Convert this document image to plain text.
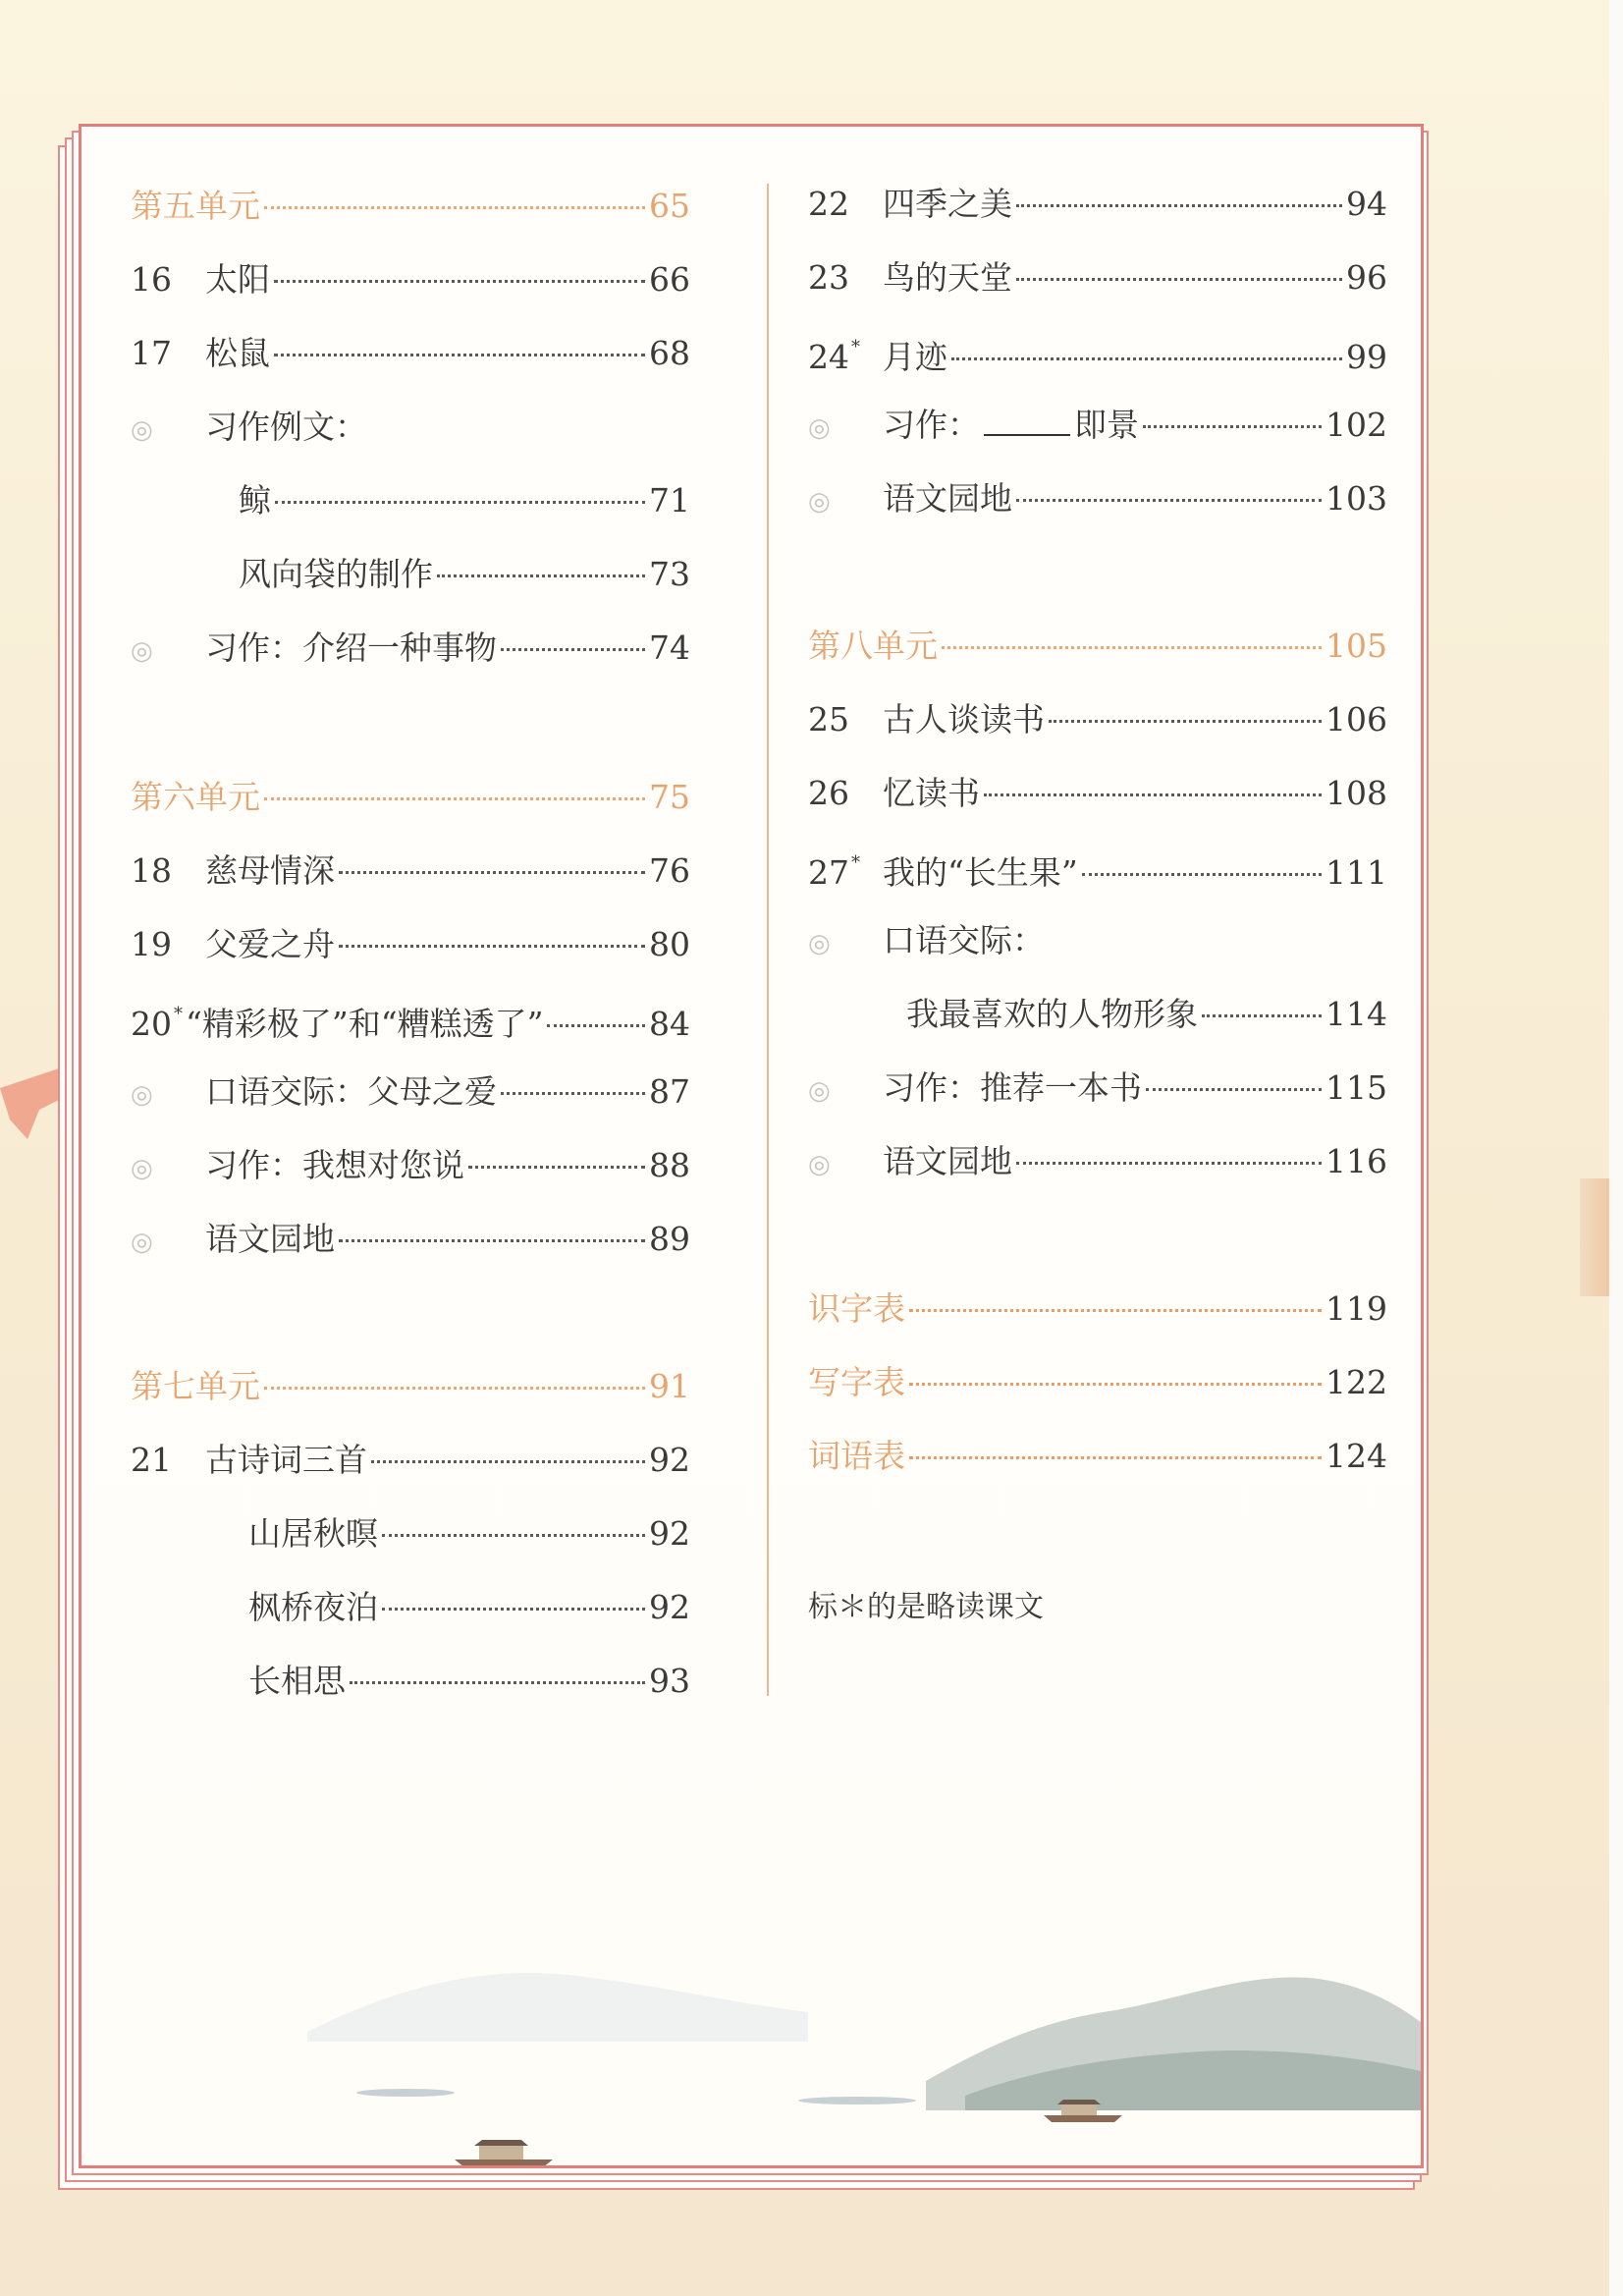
第五单元	65
16	太阳	66
17	松鼠	68
◎	习作例文：
鲸	71
风向袋的制作	73
◎	习作：介绍一种事物	74
第六单元	75
18	慈母情深	76
19	父爱之舟	80
20 * “精彩极了”和“糟糕透了”	84
◎	口语交际：父母之爱	87
◎	习作：我想对您说	88
◎	语文园地	89
第七单元	91
21	古诗词三首	92
山居秋暝	92
枫桥夜泊	92
长相思	93
22	四季之美	94
23	鸟的天堂	96
24 * 月迹	99
◎	习作：	即景	102
◎	语文园地	103
第八单元	105
25	古人谈读书	106
26	忆读书	108
27 * 我的“长生果”	111
◎	口语交际：
我最喜欢的人物形象	114
◎	习作：推荐一本书	115
◎	语文园地	116
识字表	119
写字表	122
词语表	124
标＊的是略读课文
